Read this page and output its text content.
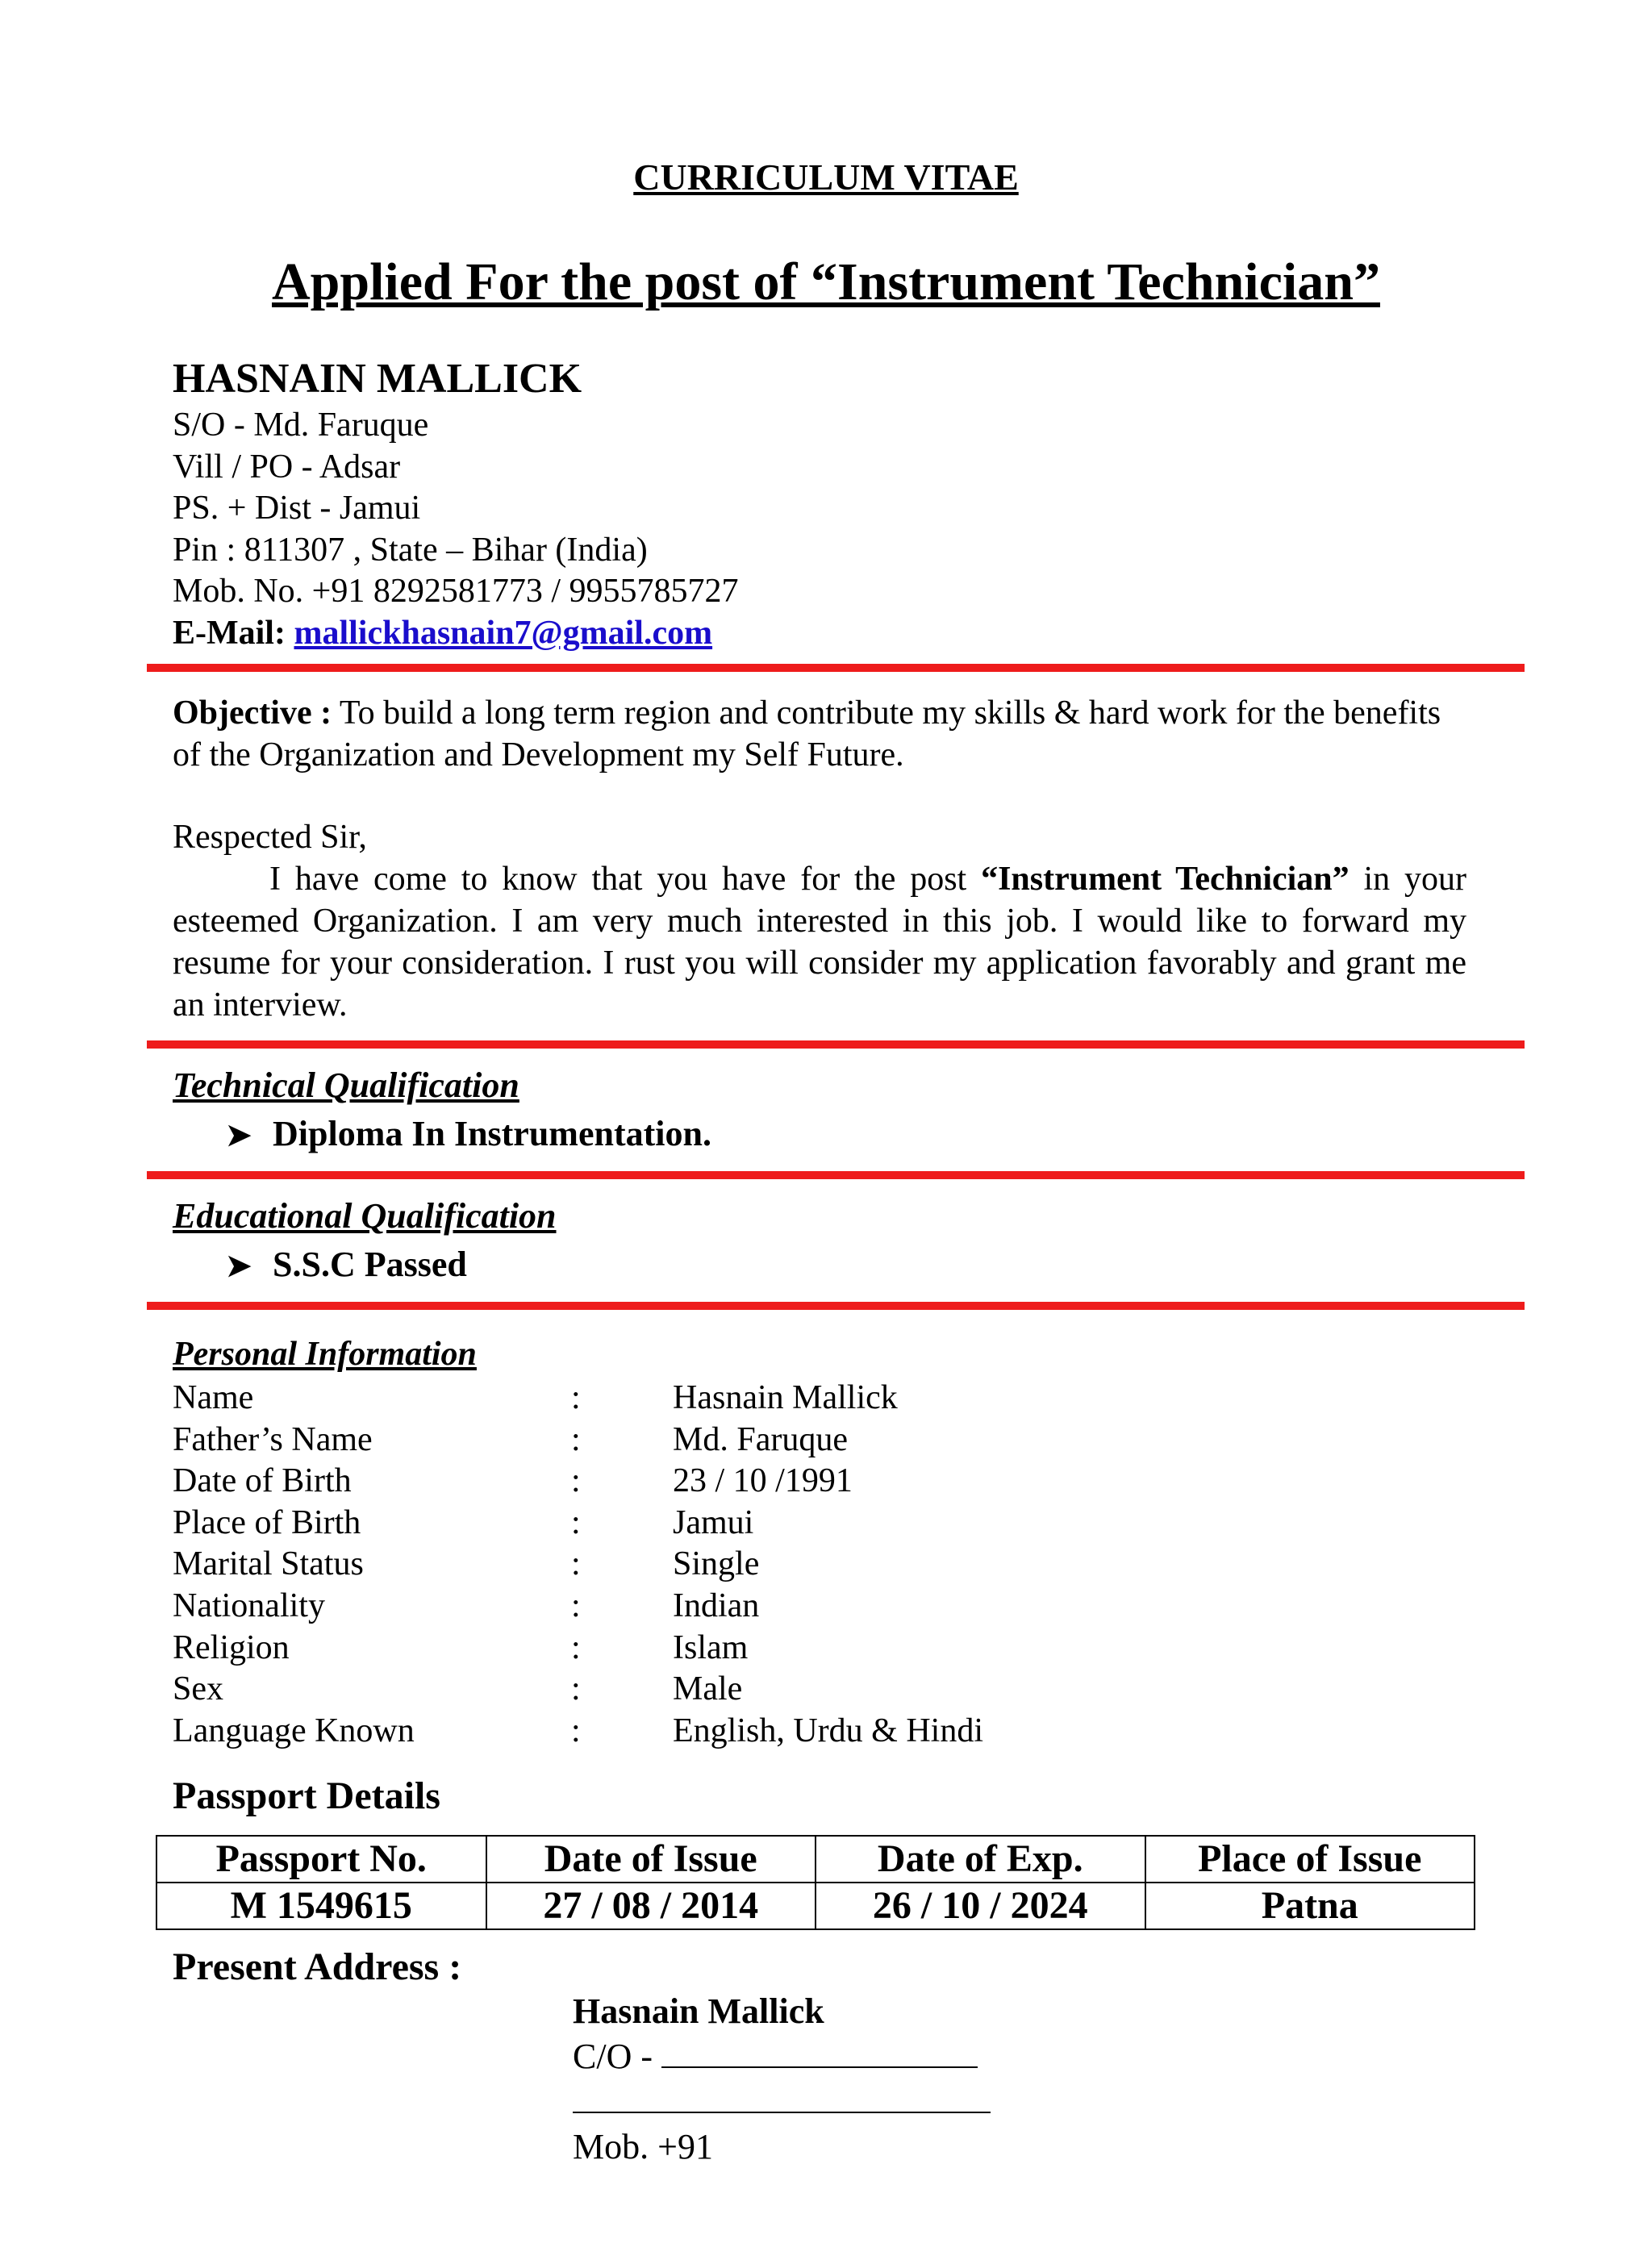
CURRICULUM VITAE
Applied For the post of “Instrument Technician”
HASNAIN MALLICK
S/O - Md. Faruque
Vill / PO - Adsar
PS. + Dist - Jamui
Pin : 811307 , State – Bihar (India)
Mob. No. +91 8292581773 / 9955785727
E-Mail: mallickhasnain7@gmail.com
Objective : To build a long term region and contribute my skills & hard work for the benefits of the Organization and Development my Self Future.
Respected Sir,
I have come to know that you have for the post “Instrument Technician” in your esteemed Organization. I am very much interested in this job. I would like to forward my resume for your consideration. I rust you will consider my application favorably and grant me an interview.
Technical Qualification
➤ Diploma In Instrumentation.
Educational Qualification
➤ S.S.C Passed
Personal Information
Name	:	Hasnain Mallick
Father’s Name	:	Md. Faruque
Date of Birth	:	23 / 10 /1991
Place of Birth	:	Jamui
Marital Status	:	Single
Nationality	:	Indian
Religion	:	Islam
Sex	:	Male
Language Known	:	English, Urdu & Hindi
Passport Details
Passport No.	Date of Issue	Date of Exp.	Place of Issue
M 1549615	27 / 08 / 2014	26 / 10 / 2024	Patna
Present Address :
Hasnain Mallick
C/O -
Mob. +91
